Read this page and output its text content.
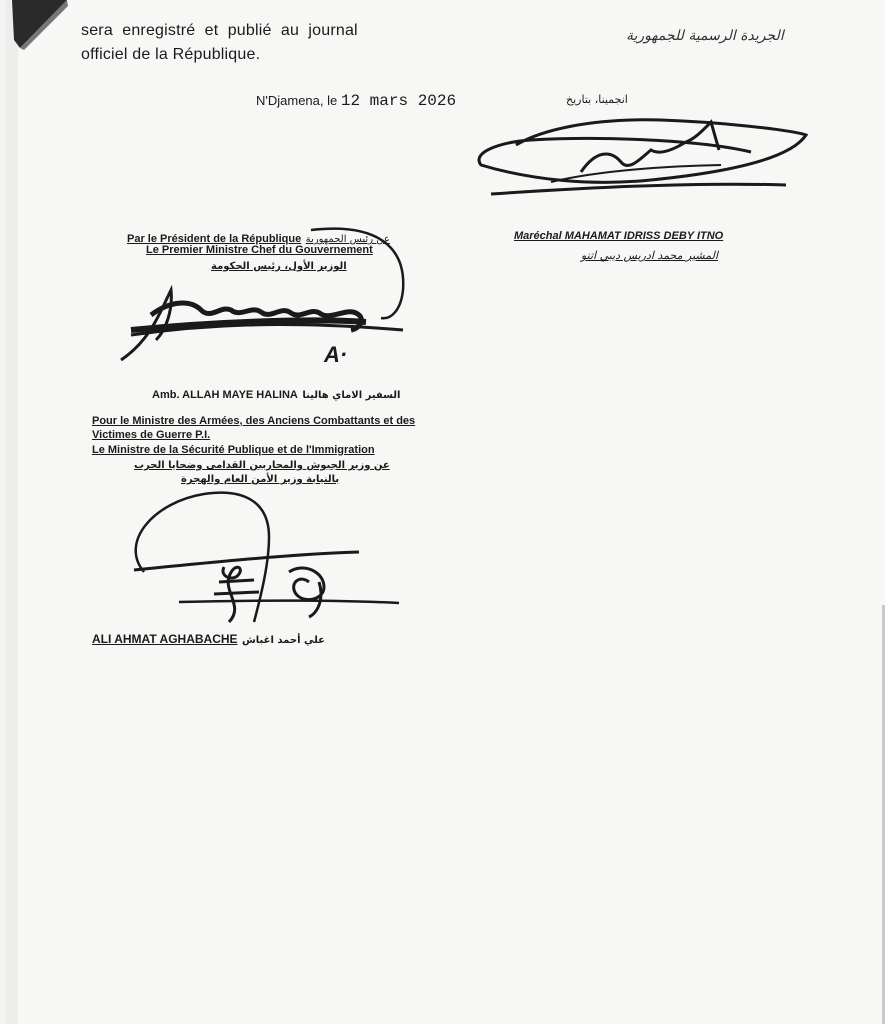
sera  enregistré  et  publié  au  journal
officiel de la République.
الجريدة الرسمية للجمهورية
N'Djamena, le 12 mars 2026	انجمينا، بتاريخ
Maréchal MAHAMAT IDRISS DEBY ITNO
المشير محمد ادريس ديبي اتنو
Par le Président de la République عن رئيس الجمهورية
Le Premier Ministre Chef du Gouvernement
الوزير الأول، رئيس الحكومة
A·
Amb. ALLAH MAYE HALINA السفير الاماي هالينا
Pour le Ministre des Armées, des Anciens Combattants et des
Victimes de Guerre P.I.
Le Ministre de la Sécurité Publique et de l'Immigration
عن وزير الجيوش والمحاربين القدامى وضحايا الحرب
بالنيابة وزير الأمن العام والهجرة
ALI AHMAT AGHABACHE علي أحمد اغباش
